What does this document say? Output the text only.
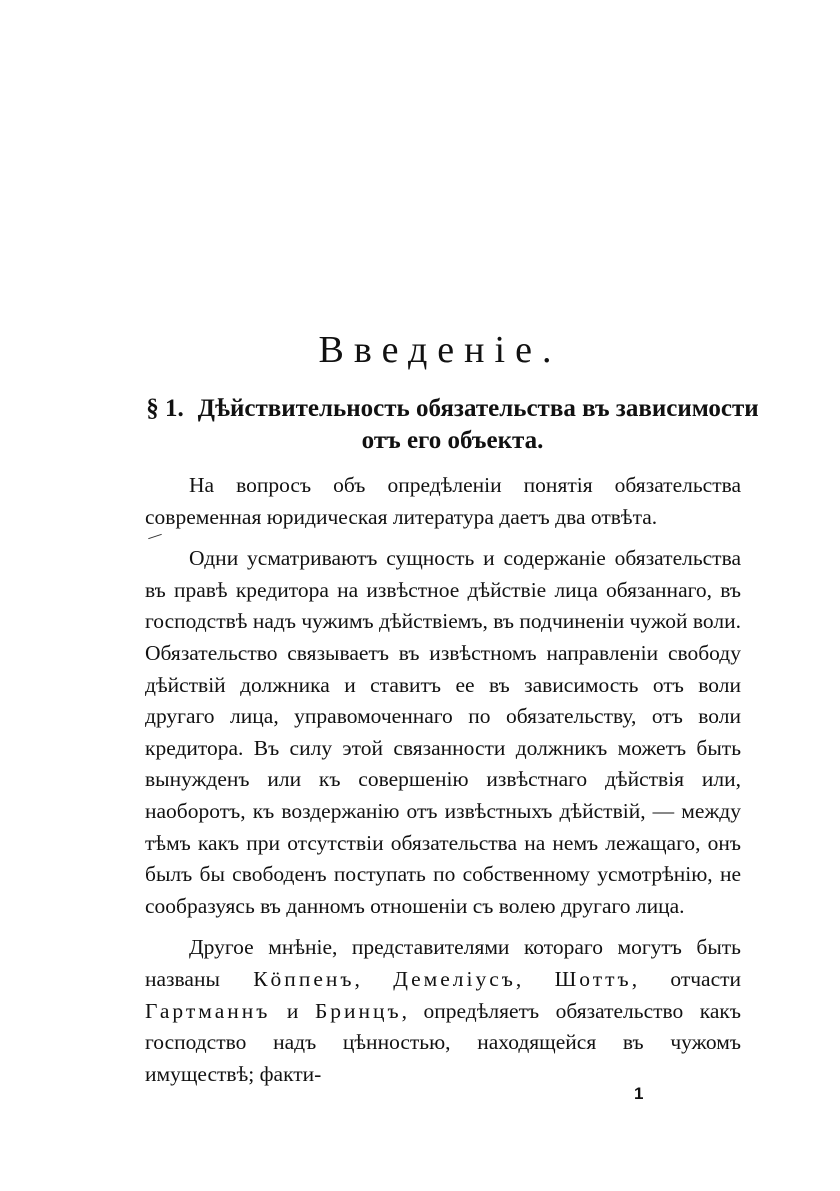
Введенiе.
§ 1. Дѣйствительность обязательства въ зависимости отъ его объекта.

На вопросъ объ опредѣленiи понятiя обязательства современная юридическая литература даетъ два отвѣта.

Одни усматриваютъ сущность и содержанiе обязательства въ правѣ кредитора на извѣстное дѣйствiе лица обязаннаго, въ господствѣ надъ чужимъ дѣйствiемъ, въ подчиненiи чужой воли. Обязательство связываетъ въ извѣстномъ направленiи свободу дѣйствiй должника и ставитъ ее въ зависимость отъ воли другаго лица, управомоченнаго по обязательству, отъ воли кредитора. Въ силу этой связанности должникъ можетъ быть вынужденъ или къ совершенiю извѣстнаго дѣйствiя или, наоборотъ, къ воздержанiю отъ извѣстныхъ дѣйствiй, — между тѣмъ какъ при отсутствiи обязательства на немъ лежащаго, онъ былъ бы свободенъ поступать по собственному усмотрѣнiю, не сообразуясь въ данномъ отношенiи съ волею другаго лица.

Другое мнѣнiе, представителями котораго могутъ быть названы Кöппенъ, Демелiусъ, Шоттъ, отчасти Гартманнъ и Бринцъ, опредѣляетъ обязательство какъ господство надъ цѣнностью, находящейся въ чужомъ имуществѣ; факти-

1
